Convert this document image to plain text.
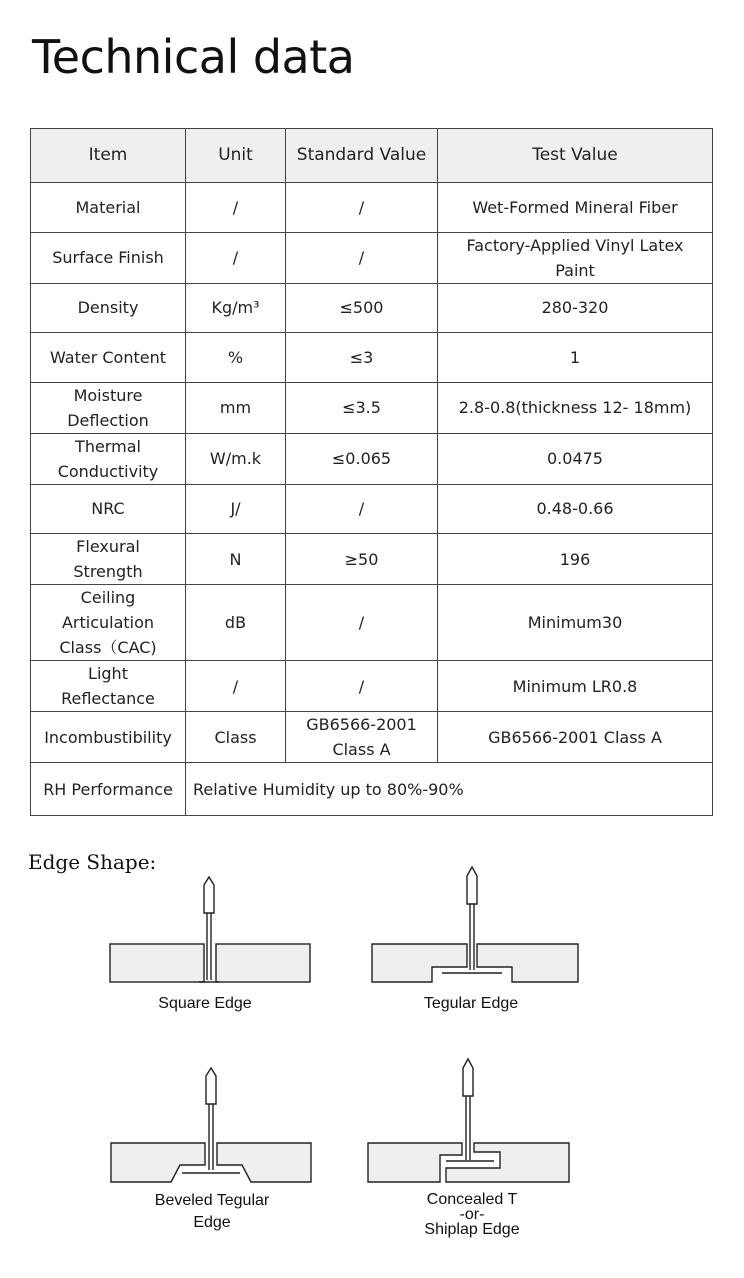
Technical data
Item	Unit	Standard Value	Test Value
Material	/	/	Wet-Formed Mineral Fiber
Surface Finish	/	/	Factory-Applied Vinyl Latex Paint
Density	Kg/m³	≤500	280-320
Water Content	%	≤3	1
Moisture Deflection	mm	≤3.5	2.8-0.8(thickness 12- 18mm)
Thermal Conductivity	W/m.k	≤0.065	0.0475
NRC	J/	/	0.48-0.66
Flexural Strength	N	≥50	196
Ceiling Articulation Class（CAC)	dB	/	Minimum30
Light Reflectance	/	/	Minimum LR0.8
Incombustibility	Class	GB6566-2001 Class A	GB6566-2001 Class A
RH Performance	Relative Humidity up to 80%-90%		
Edge Shape:
Square Edge	Tegular Edge
Beveled Tegular
Edge
Concealed T
-or-
Shiplap Edge
